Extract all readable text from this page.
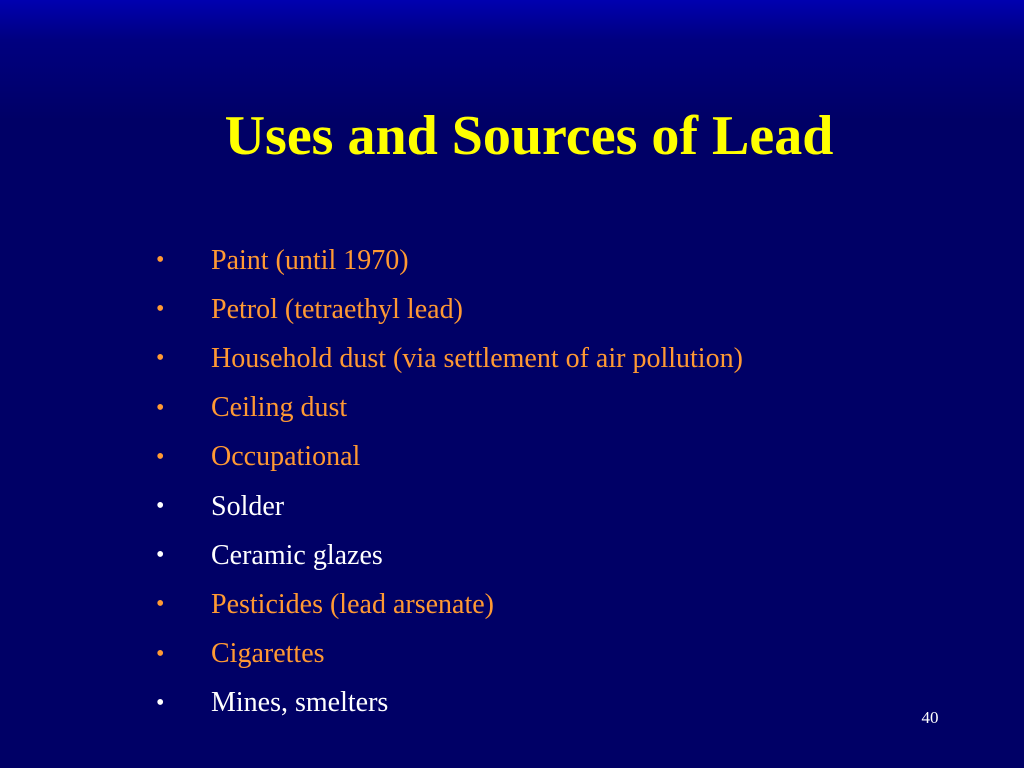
Uses and Sources of Lead
•	Paint (until 1970)
•	Petrol (tetraethyl lead)
•	Household dust (via settlement of air pollution)
•	Ceiling dust
•	Occupational
•	Solder
•	Ceramic glazes
•	Pesticides (lead arsenate)
•	Cigarettes
•	Mines, smelters	40
